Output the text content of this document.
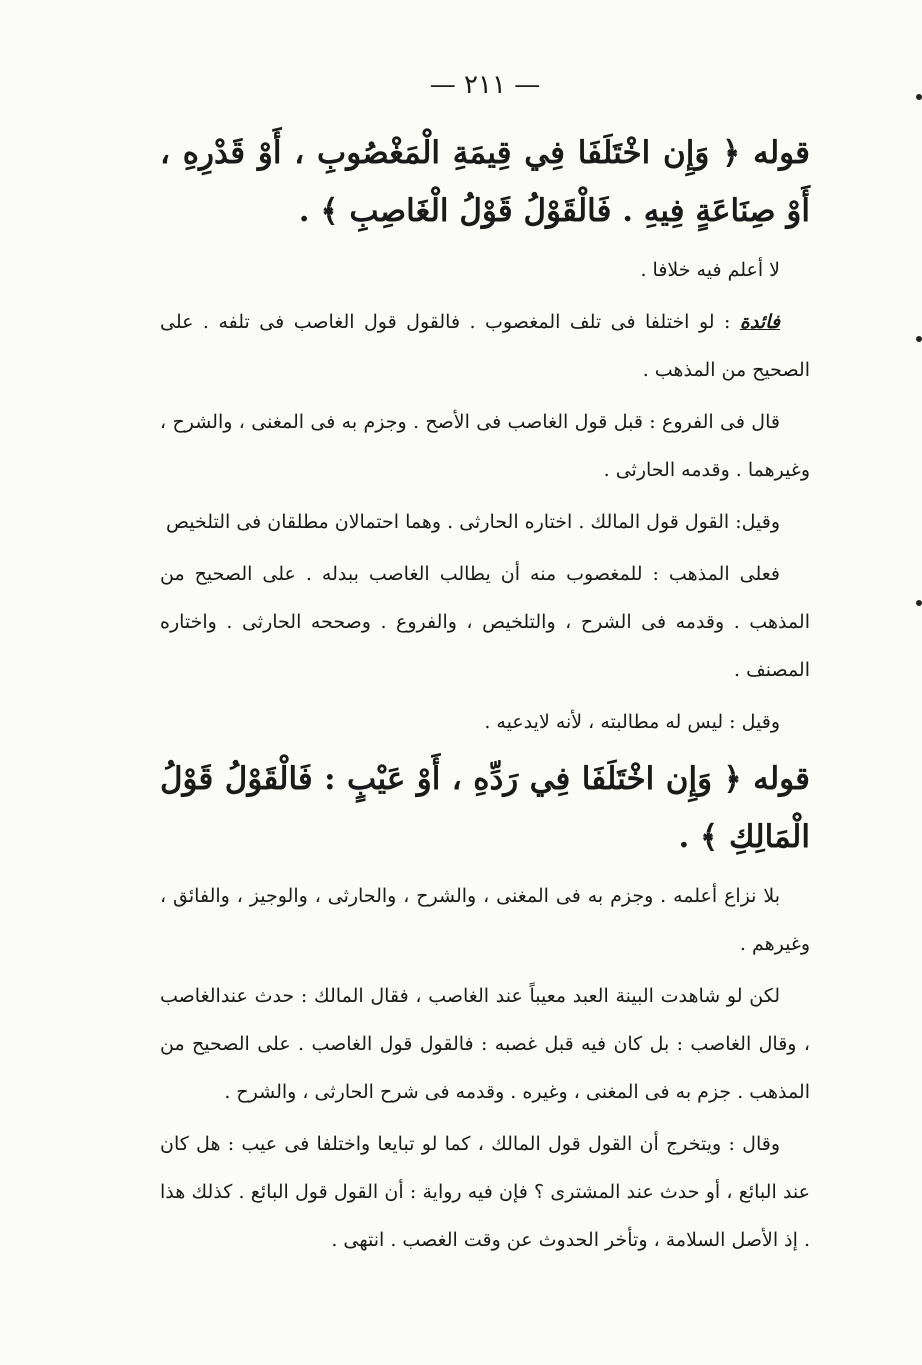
— ٢١١ —
قوله ﴿ وَإِن اخْتَلَفَا فِي قِيمَةِ الْمَغْصُوبِ ، أَوْ قَدْرِهِ ، أَوْ صِنَاعَةٍ فِيهِ . فَالْقَوْلُ قَوْلُ الْغَاصِبِ ﴾ .
لا أعلم فيه خلافا .
فائدة : لو اختلفا فى تلف المغصوب . فالقول قول الغاصب فى تلفه . على الصحيح من المذهب .
قال فى الفروع : قبل قول الغاصب فى الأصح . وجزم به فى المغنى ، والشرح ، وغيرهما . وقدمه الحارثى .
وقيل: القول قول المالك . اختاره الحارثى . وهما احتمالان مطلقان فى التلخيص
فعلى المذهب : للمغصوب منه أن يطالب الغاصب ببدله . على الصحيح من المذهب . وقدمه فى الشرح ، والتلخيص ، والفروع . وصححه الحارثى . واختاره المصنف .
وقيل : ليس له مطالبته ، لأنه لايدعيه .
قوله ﴿ وَإِن اخْتَلَفَا فِي رَدِّهِ ، أَوْ عَيْبٍ : فَالْقَوْلُ قَوْلُ الْمَالِكِ ﴾ .
بلا نزاع أعلمه . وجزم به فى المغنى ، والشرح ، والحارثى ، والوجيز ، والفائق ، وغيرهم .
لكن لو شاهدت البينة العبد معيباً عند الغاصب ، فقال المالك : حدث عندالغاصب ، وقال الغاصب : بل كان فيه قبل غصبه : فالقول قول الغاصب . على الصحيح من المذهب . جزم به فى المغنى ، وغيره . وقدمه فى شرح الحارثى ، والشرح .
وقال : ويتخرج أن القول قول المالك ، كما لو تبايعا واختلفا فى عيب : هل كان عند البائع ، أو حدث عند المشترى ؟ فإن فيه رواية : أن القول قول البائع . كذلك هذا . إذ الأصل السلامة ، وتأخر الحدوث عن وقت الغصب . انتهى .
